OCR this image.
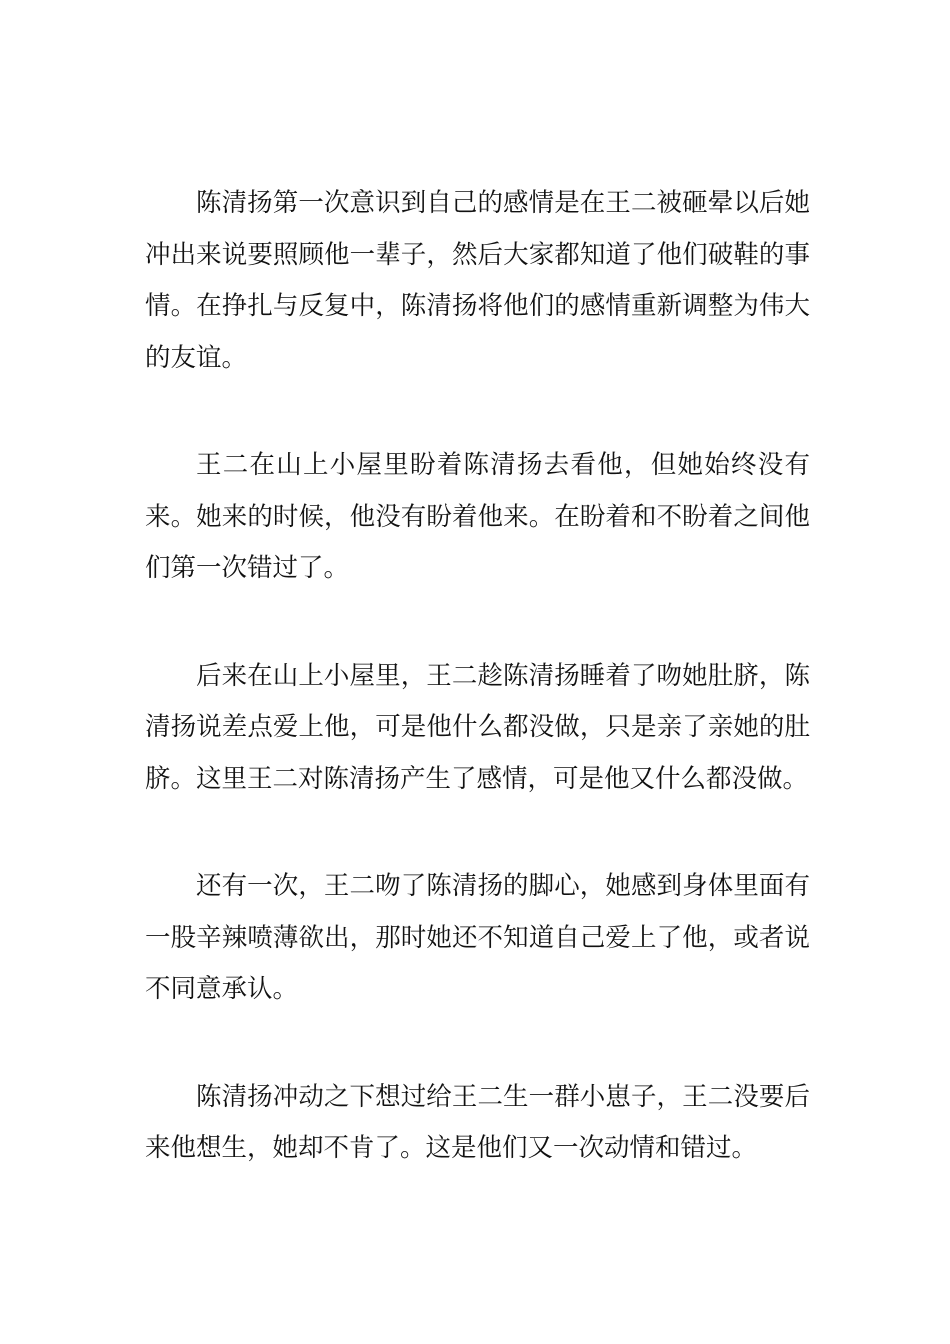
陈清扬第一次意识到自己的感情是在王二被砸晕以后她冲出来说要照顾他一辈子，然后大家都知道了他们破鞋的事情。在挣扎与反复中，陈清扬将他们的感情重新调整为伟大的友谊。

王二在山上小屋里盼着陈清扬去看他，但她始终没有来。她来的时候，他没有盼着他来。在盼着和不盼着之间他们第一次错过了。

后来在山上小屋里，王二趁陈清扬睡着了吻她肚脐，陈清扬说差点爱上他，可是他什么都没做，只是亲了亲她的肚脐。这里王二对陈清扬产生了感情，可是他又什么都没做。

还有一次，王二吻了陈清扬的脚心，她感到身体里面有一股辛辣喷薄欲出，那时她还不知道自己爱上了他，或者说不同意承认。

陈清扬冲动之下想过给王二生一群小崽子，王二没要后来他想生，她却不肯了。这是他们又一次动情和错过。
